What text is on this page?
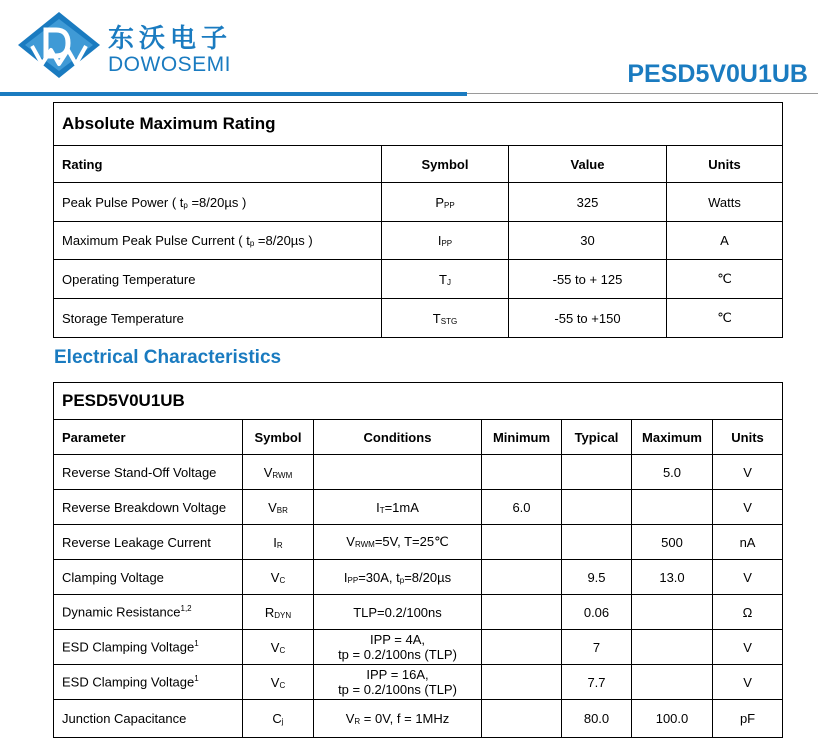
东沃电子
DOWOSEMI	PESD5V0U1UB
Absolute Maximum Rating			
Rating	Symbol	Value	Units
Peak Pulse Power ( $t_p =8/20\mu s$ )	$P_{PP}$	325	Watts
Maximum Peak Pulse Current ( $t_p =8/20\mu s$ )	$I_{PP}$	30	A
Operating Temperature	$T_J$	-55 to + 125	℃
Storage Temperature	$T_{STG}$	-55 to +150	℃
Electrical Characteristics
PESD5V0U1UB						
Parameter	Symbol	Conditions	Minimum	Typical	Maximum	Units
Reverse Stand-Off Voltage	$V_{RWM}$				5.0	V
Reverse Breakdown Voltage	$V_{BR}$	$I_T=1mA$	6.0			V
Reverse Leakage Current	$I_R$	$V_{RWM}=5V$, T=25℃			500	nA
Clamping Voltage	$V_C$	$I_{PP}=30A$, $t_p=8/20\mu s$		9.5	13.0	V
Dynamic Resistance$^{1,2}$	$R_{DYN}$	TLP=0.2/100ns		0.06		Ω
ESD Clamping Voltage$^1$	$V_C$	IPP = 4A,
tp = 0.2/100ns (TLP)		7		V
ESD Clamping Voltage$^1$	$V_C$	IPP = 16A,
tp = 0.2/100ns (TLP)		7.7		V
Junction Capacitance	$C_j$	$V_R = 0V$, f = 1MHz		80.0	100.0	pF
